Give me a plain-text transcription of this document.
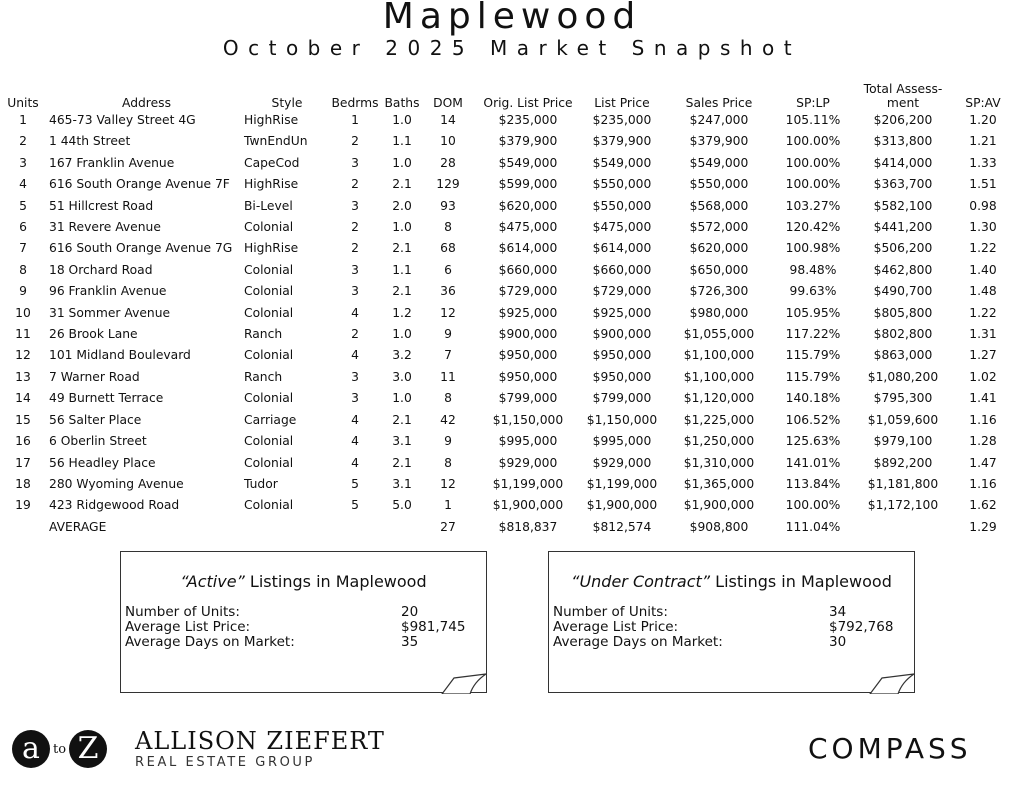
Maplewood
October 2025 Market Snapshot
Units	Address	Style	Bedrms	Baths	DOM	Orig. List Price	List Price	Sales Price	SP:LP	Total Assess-
ment	SP:AV
1	465-73 Valley Street 4G	HighRise	1	1.0	14	$235,000	$235,000	$247,000	105.11%	$206,200	1.20
2	1 44th Street	TwnEndUn	2	1.1	10	$379,900	$379,900	$379,900	100.00%	$313,800	1.21
3	167 Franklin Avenue	CapeCod	3	1.0	28	$549,000	$549,000	$549,000	100.00%	$414,000	1.33
4	616 South Orange Avenue 7F	HighRise	2	2.1	129	$599,000	$550,000	$550,000	100.00%	$363,700	1.51
5	51 Hillcrest Road	Bi-Level	3	2.0	93	$620,000	$550,000	$568,000	103.27%	$582,100	0.98
6	31 Revere Avenue	Colonial	2	1.0	8	$475,000	$475,000	$572,000	120.42%	$441,200	1.30
7	616 South Orange Avenue 7G	HighRise	2	2.1	68	$614,000	$614,000	$620,000	100.98%	$506,200	1.22
8	18 Orchard Road	Colonial	3	1.1	6	$660,000	$660,000	$650,000	98.48%	$462,800	1.40
9	96 Franklin Avenue	Colonial	3	2.1	36	$729,000	$729,000	$726,300	99.63%	$490,700	1.48
10	31 Sommer Avenue	Colonial	4	1.2	12	$925,000	$925,000	$980,000	105.95%	$805,800	1.22
11	26 Brook Lane	Ranch	2	1.0	9	$900,000	$900,000	$1,055,000	117.22%	$802,800	1.31
12	101 Midland Boulevard	Colonial	4	3.2	7	$950,000	$950,000	$1,100,000	115.79%	$863,000	1.27
13	7 Warner Road	Ranch	3	3.0	11	$950,000	$950,000	$1,100,000	115.79%	$1,080,200	1.02
14	49 Burnett Terrace	Colonial	3	1.0	8	$799,000	$799,000	$1,120,000	140.18%	$795,300	1.41
15	56 Salter Place	Carriage	4	2.1	42	$1,150,000	$1,150,000	$1,225,000	106.52%	$1,059,600	1.16
16	6 Oberlin Street	Colonial	4	3.1	9	$995,000	$995,000	$1,250,000	125.63%	$979,100	1.28
17	56 Headley Place	Colonial	4	2.1	8	$929,000	$929,000	$1,310,000	141.01%	$892,200	1.47
18	280 Wyoming Avenue	Tudor	5	3.1	12	$1,199,000	$1,199,000	$1,365,000	113.84%	$1,181,800	1.16
19	423 Ridgewood Road	Colonial	5	5.0	1	$1,900,000	$1,900,000	$1,900,000	100.00%	$1,172,100	1.62
	AVERAGE				27	$818,837	$812,574	$908,800	111.04%		1.29
“Active” Listings in Maplewood
Number of Units:	20
Average List Price:	$981,745
Average Days on Market:	35
“Under Contract” Listings in Maplewood
Number of Units:	34
Average List Price:	$792,768
Average Days on Market:	30
a	to Z	ALLISON ZIEFERT
REAL ESTATE GROUP	COMPASS
